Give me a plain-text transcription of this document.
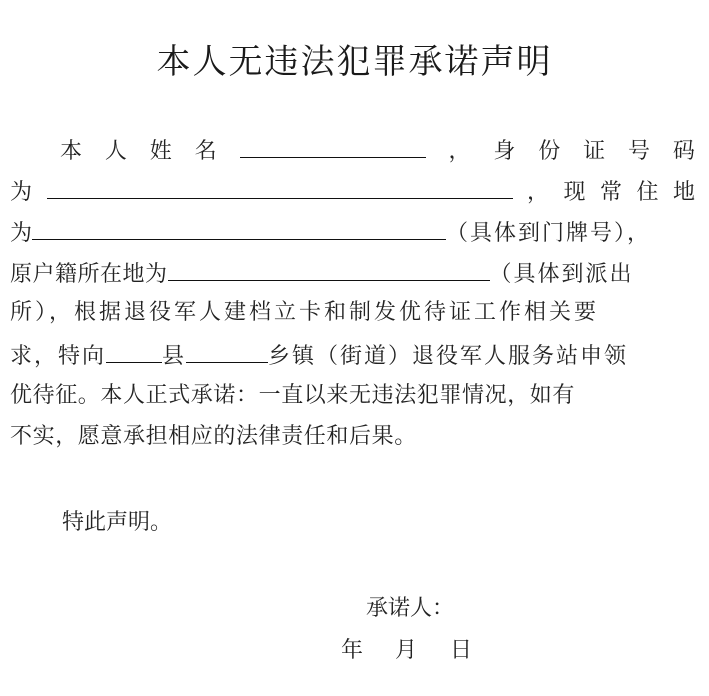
本人无违法犯罪承诺声明
本 人 姓 名	， 身 份 证 号 码
为	， 现 常 住 地
为	（具体到门牌号），
原户籍所在地为	（具体到派出
所），根据退役军人建档立卡和制发优待证工作相关要
求，特向	县	乡镇（街道）退役军人服务站申领
优待征。本人正式承诺：一直以来无违法犯罪情况，如有
不实，愿意承担相应的法律责任和后果。
特此声明。
承诺人：
年 月 日
